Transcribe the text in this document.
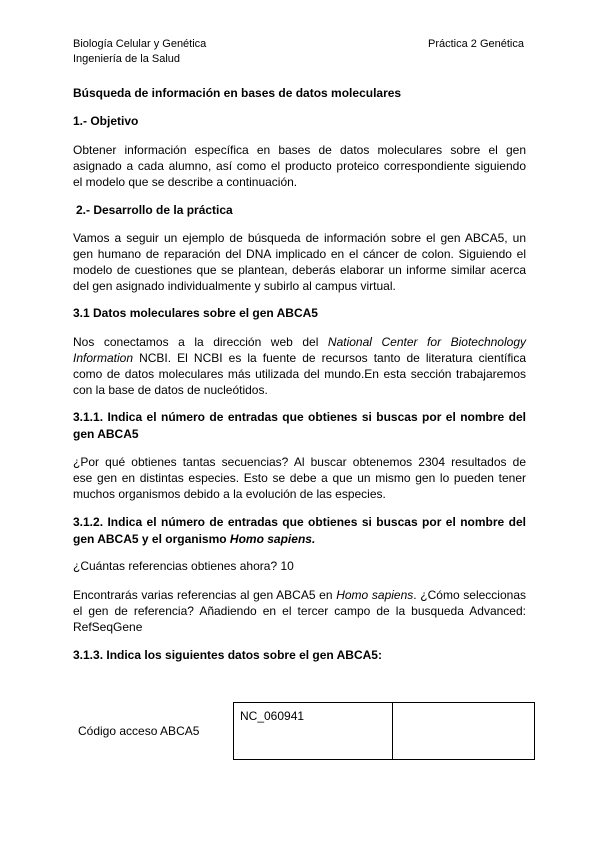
Biología Celular y Genética
Ingeniería de la Salud
Práctica 2 Genética
Búsqueda de información en bases de datos moleculares
1.- Objetivo
Obtener información específica en bases de datos moleculares sobre el gen
asignado a cada alumno, así como el producto proteico correspondiente siguiendo
el modelo que se describe a continuación.
2.- Desarrollo de la práctica
Vamos a seguir un ejemplo de búsqueda de información sobre el gen ABCA5, un
gen humano de reparación del DNA implicado en el cáncer de colon. Siguiendo el
modelo de cuestiones que se plantean, deberás elaborar un informe similar acerca
del gen asignado individualmente y subirlo al campus virtual.
3.1 Datos moleculares sobre el gen ABCA5
Nos conectamos a la dirección web del National Center for Biotechnology
Information NCBI. El NCBI es la fuente de recursos tanto de literatura científica
como de datos moleculares más utilizada del mundo.En esta sección trabajaremos
con la base de datos de nucleótidos.
3.1.1. Indica el número de entradas que obtienes si buscas por el nombre del
gen ABCA5
¿Por qué obtienes tantas secuencias? Al buscar obtenemos 2304 resultados de
ese gen en distintas especies. Esto se debe a que un mismo gen lo pueden tener
muchos organismos debido a la evolución de las especies.
3.1.2. Indica el número de entradas que obtienes si buscas por el nombre del
gen ABCA5 y el organismo Homo sapiens.
¿Cuántas referencias obtienes ahora? 10
Encontrarás varias referencias al gen ABCA5 en Homo sapiens. ¿Cómo seleccionas
el gen de referencia? Añadiendo en el tercer campo de la busqueda Advanced:
RefSeqGene
3.1.3. Indica los siguientes datos sobre el gen ABCA5:
Código acceso ABCA5	NC_060941	
